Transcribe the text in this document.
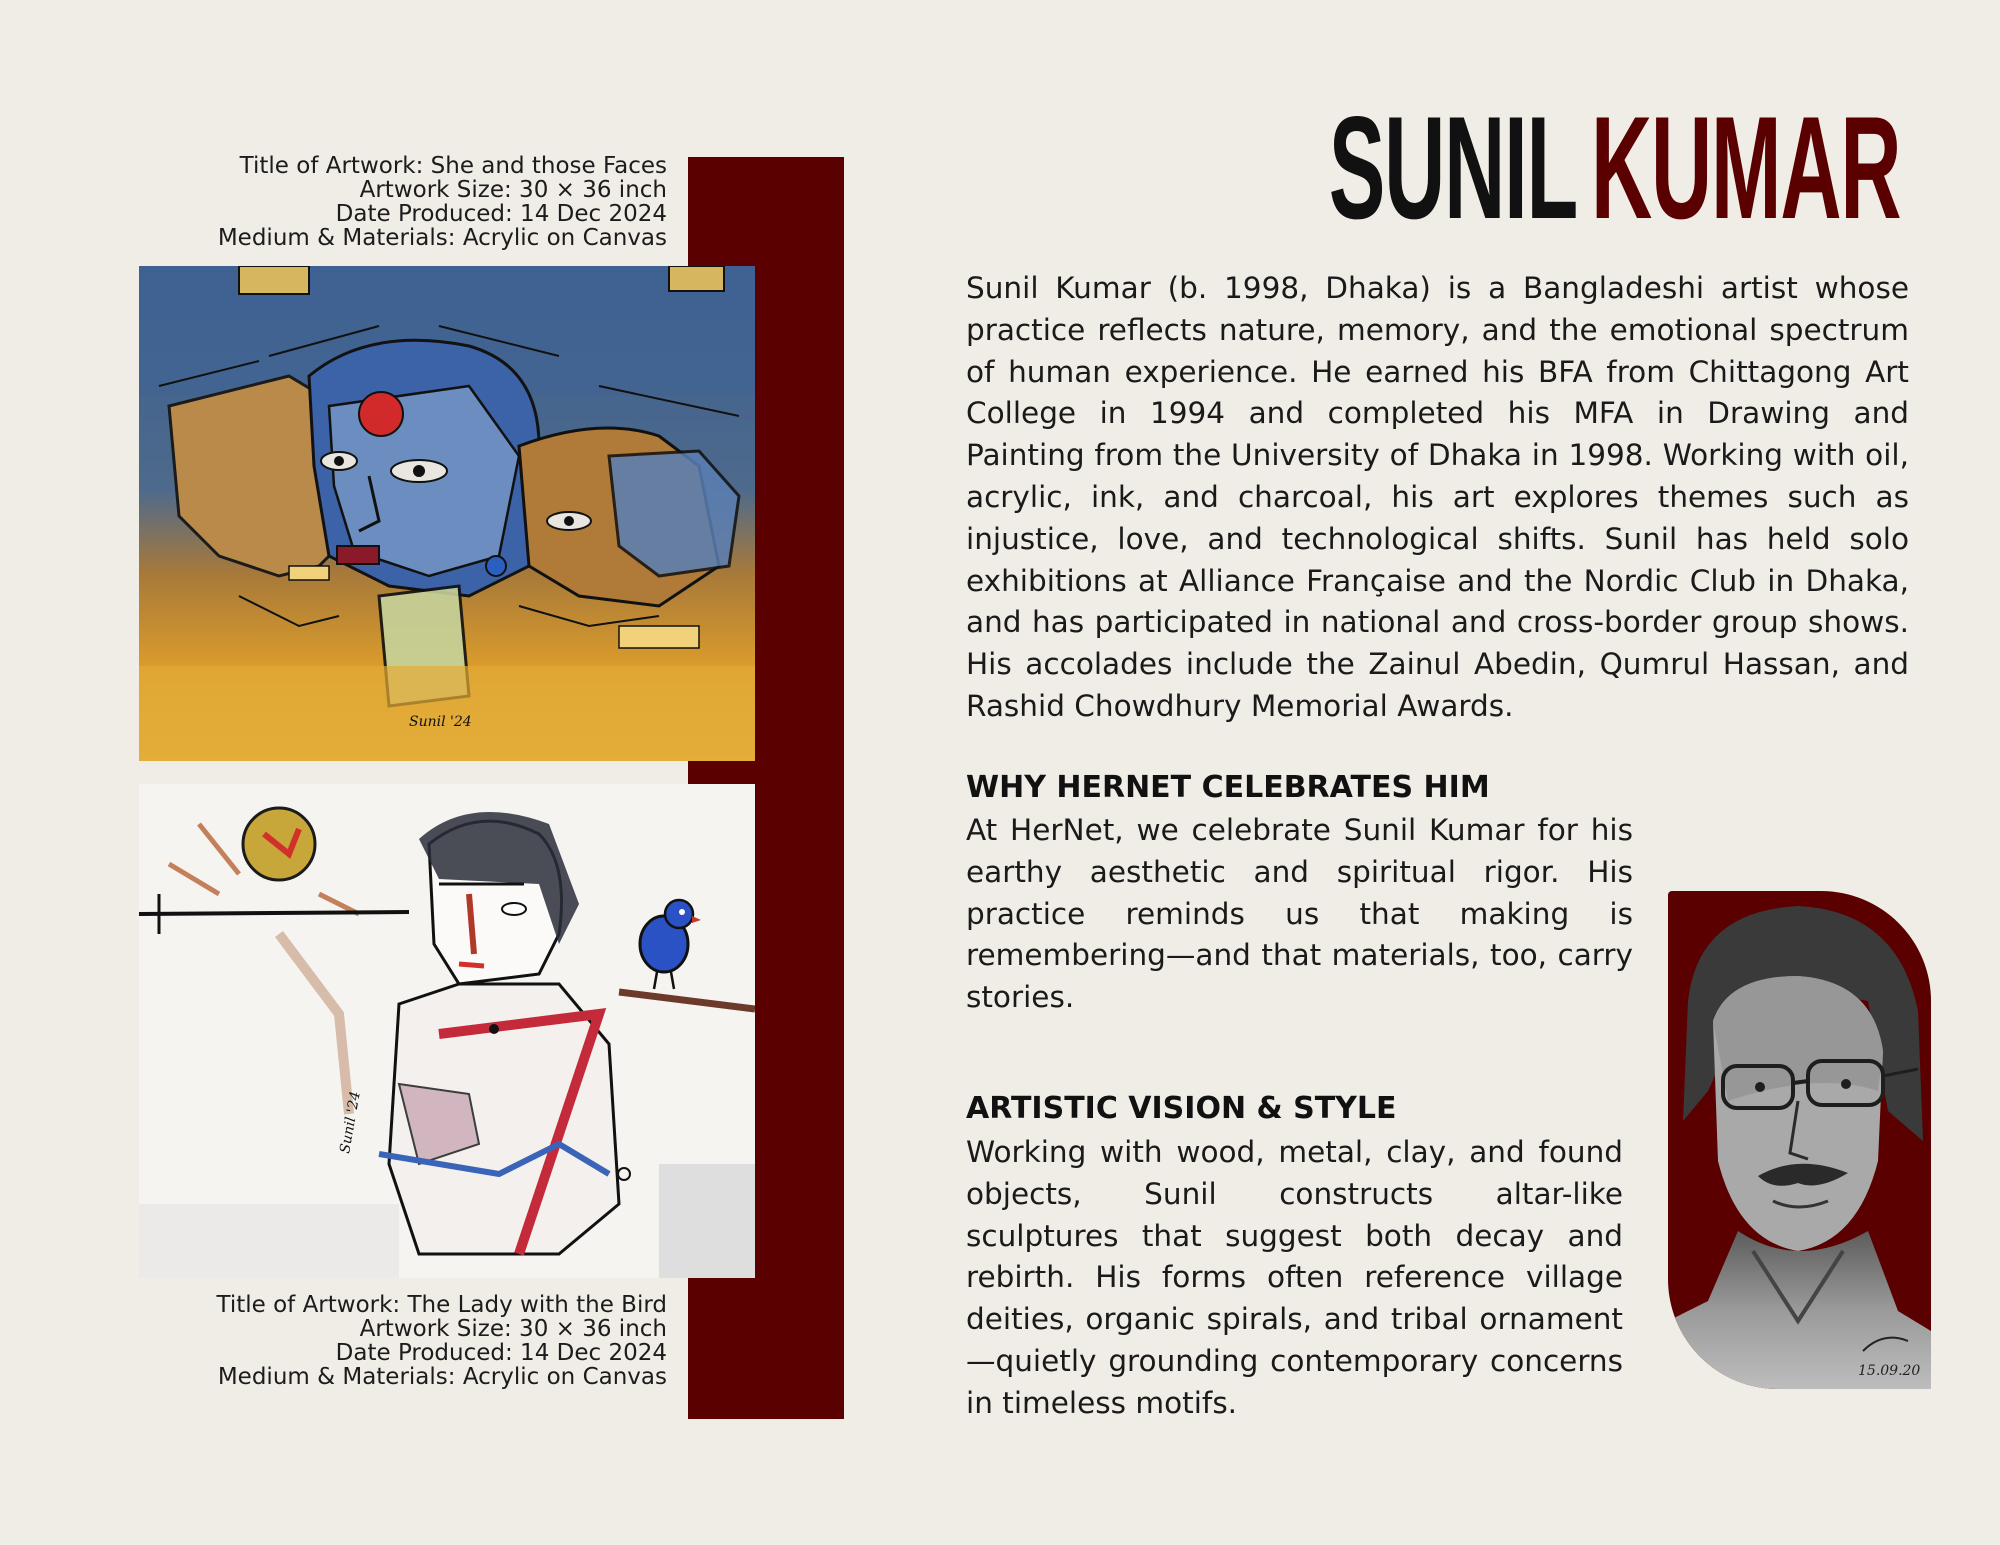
Title of Artwork: She and those Faces
Artwork Size: 30 × 36 inch
Date Produced: 14 Dec 2024
Medium & Materials: Acrylic on Canvas
Sunil '24
Sunil '24
Title of Artwork: The Lady with the Bird
Artwork Size: 30 × 36 inch
Date Produced: 14 Dec 2024
Medium & Materials: Acrylic on Canvas
SUNILKUMAR

Sunil Kumar (b. 1998, Dhaka) is a Bangladeshi artist whose practice reflects nature, memory, and the emotional spectrum of human experience. He earned his BFA from Chittagong Art College in 1994 and completed his MFA in Drawing and Painting from the University of Dhaka in 1998. Working with oil, acrylic, ink, and charcoal, his art explores themes such as injustice, love, and technological shifts. Sunil has held solo exhibitions at Alliance Française and the Nordic Club in Dhaka, and has participated in national and cross-border group shows. His accolades include the Zainul Abedin, Qumrul Hassan, and Rashid Chowdhury Memorial Awards.

WHY HERNET CELEBRATES HIM

At HerNet, we celebrate Sunil Kumar for his earthy aesthetic and spiritual rigor. His practice reminds us that making is remembering—and that materials, too, carry stories.

ARTISTIC VISION & STYLE

Working with wood, metal, clay, and found objects, Sunil constructs altar-like sculptures that suggest both decay and rebirth. His forms often reference village deities, organic spirals, and tribal ornament—quietly grounding contemporary concerns in timeless motifs.

15.09.20
